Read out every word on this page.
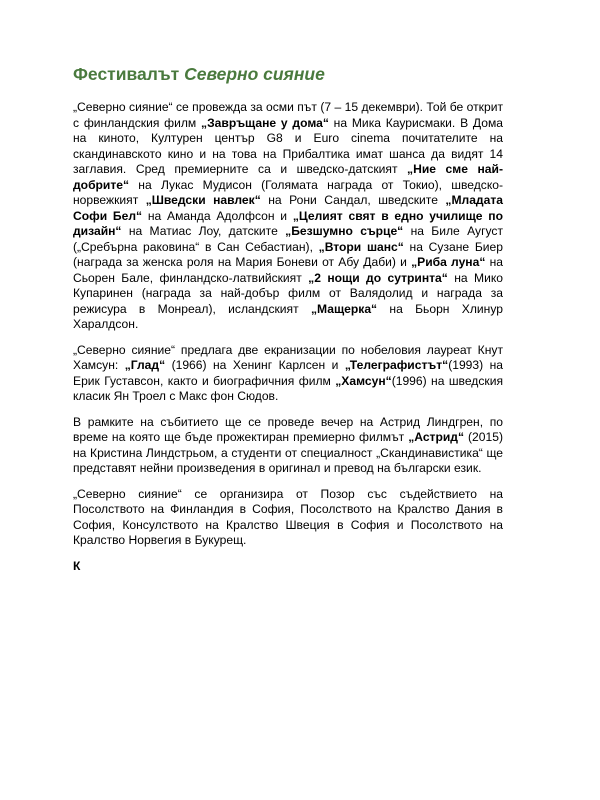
Фестивалът Северно сияние

„Северно сияние“ се провежда за осми път (7 – 15 декември). Той бе открит с финландския филм „Завръщане у дома“ на Мика Каурисмаки. В Дома на киното, Културен център G8 и Euro cinema почитателите на скандинавското кино и на това на Прибалтика имат шанса да видят 14 заглавия. Сред премиерните са и шведско-датският „Ние сме най-добрите“ на Лукас Мудисон (Голямата награда от Токио), шведско-норвежкият „Шведски навлек“ на Рони Сандал, шведските „Младата Софи Бел“ на Аманда Адолфсон и „Целият свят в едно училище по дизайн“ на Матиас Лоу, датските „Безшумно сърце“ на Биле Аугуст („Сребърна раковина“ в Сан Себастиан), „Втори шанс“ на Сузане Биер (награда за женска роля на Мария Боневи от Абу Даби) и „Риба луна“ на Сьорен Бале, финландско-латвийският „2 нощи до сутринта“ на Мико Купаринен (награда за най-добър филм от Валядолид и награда за режисура в Монреал), исландският „Мащерка“ на Бьорн Хлинур Харалдсон.

„Северно сияние“ предлага две екранизации по нобеловия лауреат Кнут Хамсун: „Глад“ (1966) на Хенинг Карлсен и „Телеграфистът“(1993) на Ерик Густавсон, както и биографичния филм „Хамсун“(1996) на шведския класик Ян Троел с Макс фон Сюдов.

В рамките на събитието ще се проведе вечер на Астрид Линдгрен, по време на която ще бъде прожектиран премиерно филмът „Астрид“ (2015) на Кристина Линдстрьом, а студенти от специалност „Скандинавистика“ ще представят нейни произведения в оригинал и превод на български език.

„Северно сияние“ се организира от Позор със съдействието на Посолството на Финландия в София, Посолството на Кралство Дания в София, Консулството на Кралство Швеция в София и Посолството на Кралство Норвегия в Букурещ.

К
